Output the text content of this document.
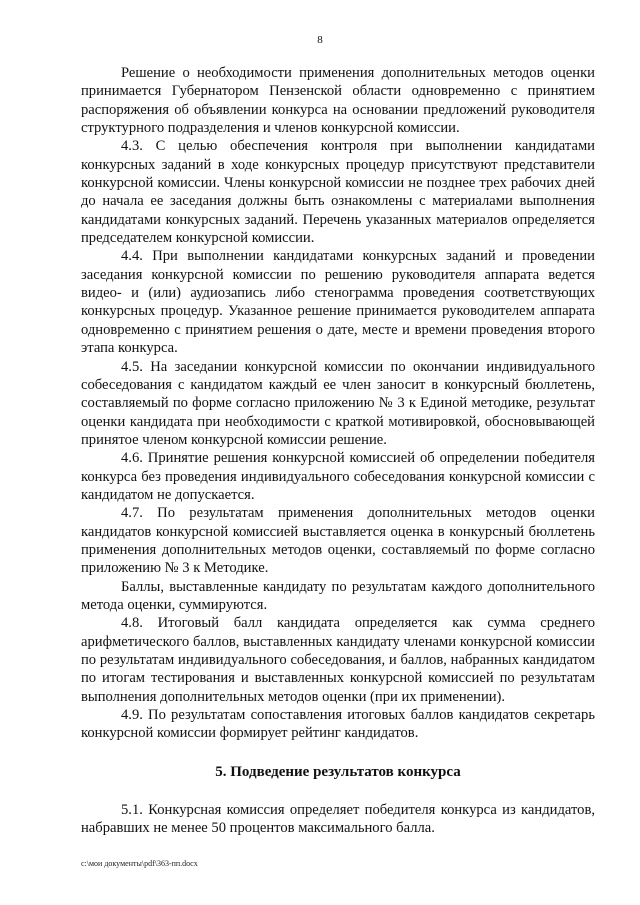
8

Решение о необходимости применения дополнительных методов оценки принимается Губернатором Пензенской области одновременно с принятием распоряжения об объявлении конкурса на основании предложений руководителя структурного подразделения и членов конкурсной комиссии.

4.3. С целью обеспечения контроля при выполнении кандидатами конкурсных заданий в ходе конкурсных процедур присутствуют представители конкурсной комиссии. Члены конкурсной комиссии не позднее трех рабочих дней до начала ее заседания должны быть ознакомлены с материалами выполнения кандидатами конкурсных заданий. Перечень указанных материалов определяется председателем конкурсной комиссии.

4.4. При выполнении кандидатами конкурсных заданий и проведении заседания конкурсной комиссии по решению руководителя аппарата ведется видео- и (или) аудиозапись либо стенограмма проведения соответствующих конкурсных процедур. Указанное решение принимается руководителем аппарата одновременно с принятием решения о дате, месте и времени проведения второго этапа конкурса.

4.5. На заседании конкурсной комиссии по окончании индивидуального собеседования с кандидатом каждый ее член заносит в конкурсный бюллетень, составляемый по форме согласно приложению № 3 к Единой методике, результат оценки кандидата при необходимости с краткой мотивировкой, обосновывающей принятое членом конкурсной комиссии решение.

4.6. Принятие решения конкурсной комиссией об определении победителя конкурса без проведения индивидуального собеседования конкурсной комиссии с кандидатом не допускается.

4.7. По результатам применения дополнительных методов оценки кандидатов конкурсной комиссией выставляется оценка в конкурсный бюллетень применения дополнительных методов оценки, составляемый по форме согласно приложению № 3 к Методике.

Баллы, выставленные кандидату по результатам каждого дополнительного метода оценки, суммируются.

4.8. Итоговый балл кандидата определяется как сумма среднего арифметического баллов, выставленных кандидату членами конкурсной комиссии по результатам индивидуального собеседования, и баллов, набранных кандидатом по итогам тестирования и выставленных конкурсной комиссией по результатам выполнения дополнительных методов оценки (при их применении).

4.9. По результатам сопоставления итоговых баллов кандидатов секретарь конкурсной комиссии формирует рейтинг кандидатов.

5. Подведение результатов конкурса

5.1. Конкурсная комиссия определяет победителя конкурса из кандидатов, набравших не менее 50 процентов максимального балла.

c:\мои документы\pdf\363-пп.docx
